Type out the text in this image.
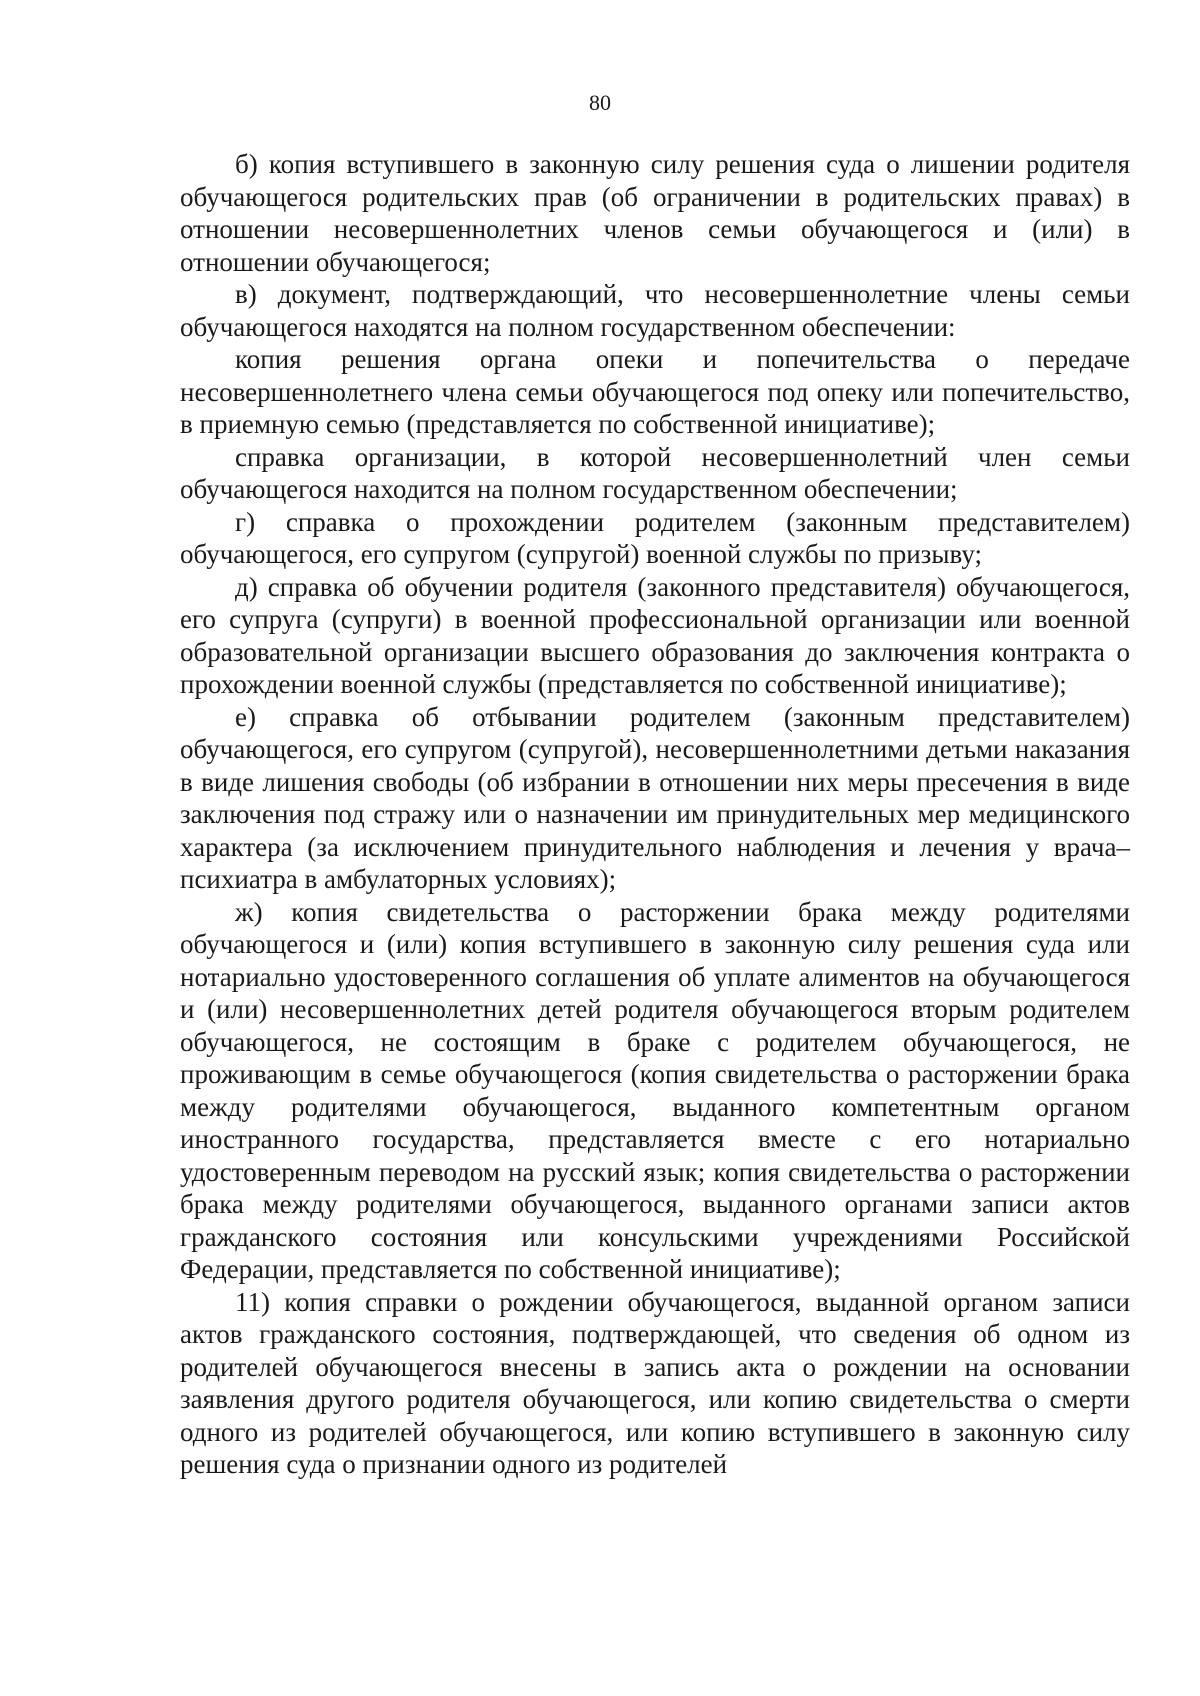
80

б) копия вступившего в законную силу решения суда о лишении родителя обучающегося родительских прав (об ограничении в родительских правах) в отношении несовершеннолетних членов семьи обучающегося и (или) в отношении обучающегося;

в) документ, подтверждающий, что несовершеннолетние члены семьи обучающегося находятся на полном государственном обеспечении:

копия решения органа опеки и попечительства о передаче несовершеннолетнего члена семьи обучающегося под опеку или попечительство, в приемную семью (представляется по собственной инициативе);

справка организации, в которой несовершеннолетний член семьи обучающегося находится на полном государственном обеспечении;

г) справка о прохождении родителем (законным представителем) обучающегося, его супругом (супругой) военной службы по призыву;

д) справка об обучении родителя (законного представителя) обучающегося, его супруга (супруги) в военной профессиональной организации или военной образовательной организации высшего образования до заключения контракта о прохождении военной службы (представляется по собственной инициативе);

е) справка об отбывании родителем (законным представителем) обучающегося, его супругом (супругой), несовершеннолетними детьми наказания в виде лишения свободы (об избрании в отношении них меры пресечения в виде заключения под стражу или о назначении им принудительных мер медицинского характера (за исключением принудительного наблюдения и лечения у врача–психиатра в амбулаторных условиях);

ж) копия свидетельства о расторжении брака между родителями обучающегося и (или) копия вступившего в законную силу решения суда или нотариально удостоверенного соглашения об уплате алиментов на обучающегося и (или) несовершеннолетних детей родителя обучающегося вторым родителем обучающегося, не состоящим в браке с родителем обучающегося, не проживающим в семье обучающегося (копия свидетельства о расторжении брака между родителями обучающегося, выданного компетентным органом иностранного государства, представляется вместе с его нотариально удостоверенным переводом на русский язык; копия свидетельства о расторжении брака между родителями обучающегося, выданного органами записи актов гражданского состояния или консульскими учреждениями Российской Федерации, представляется по собственной инициативе);

11) копия справки о рождении обучающегося, выданной органом записи актов гражданского состояния, подтверждающей, что сведения об одном из родителей обучающегося внесены в запись акта о рождении на основании заявления другого родителя обучающегося, или копию свидетельства о смерти одного из родителей обучающегося, или копию вступившего в законную силу решения суда о признании одного из родителей
